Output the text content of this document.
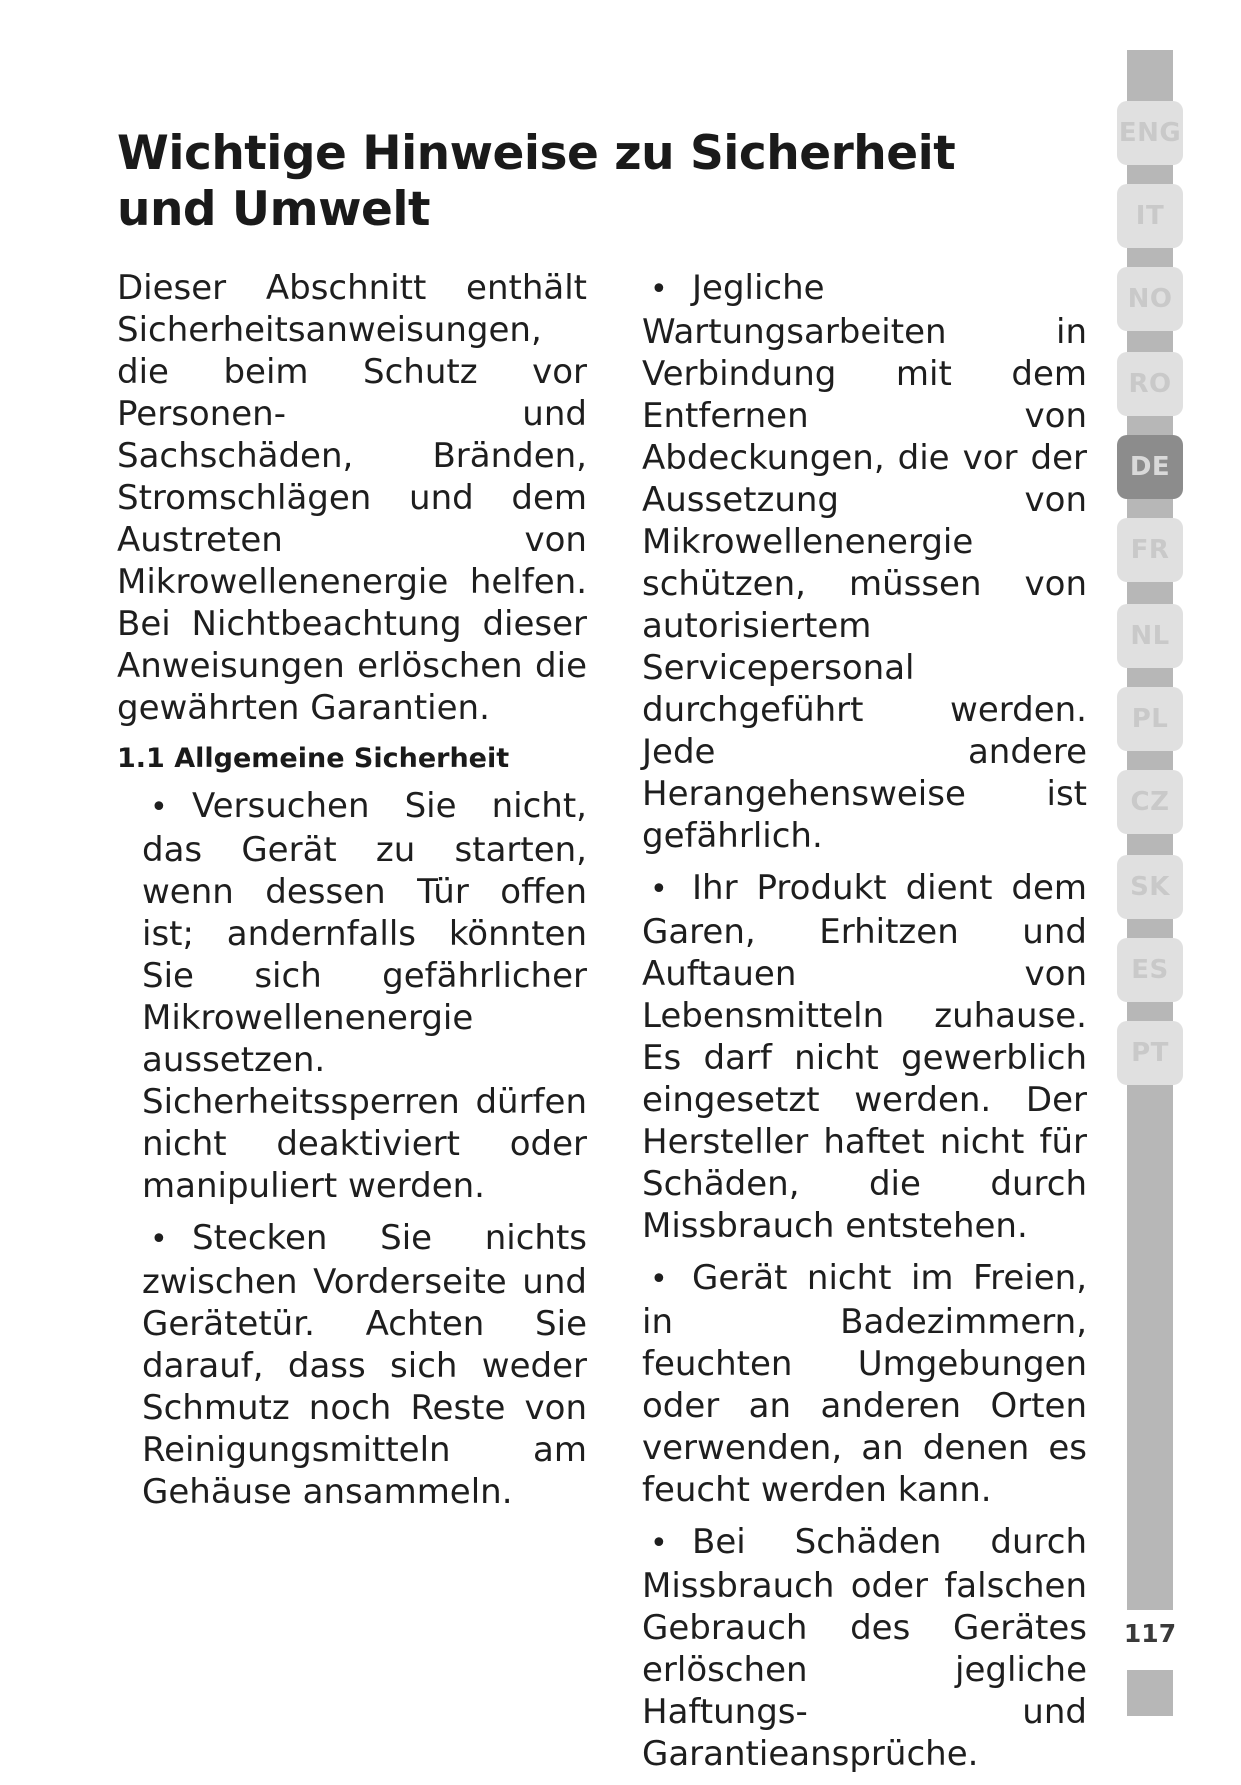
Wichtige Hinweise zu Sicherheit und Umwelt

Dieser Abschnitt enthält Sicherheitsanweisungen, die beim Schutz vor Personen- und Sachschäden, Bränden, Stromschlägen und dem Austreten von Mikrowellenenergie helfen. Bei Nichtbeachtung dieser Anweisungen erlöschen die gewährten Garantien.

1.1 Allgemeine Sicherheit
• Versuchen Sie nicht, das Gerät zu starten, wenn dessen Tür offen ist; andernfalls könnten Sie sich gefährlicher Mikrowellenenergie aussetzen. Sicherheitssperren dürfen nicht deaktiviert oder manipuliert werden.
• Stecken Sie nichts zwischen Vorderseite und Gerätetür. Achten Sie darauf, dass sich weder Schmutz noch Reste von Reinigungsmitteln am Gehäuse ansammeln.
• Jegliche Wartungsarbeiten in Verbindung mit dem Entfernen von Abdeckungen, die vor der Aussetzung von Mikrowellenenergie schützen, müssen von autorisiertem Servicepersonal durchgeführt werden. Jede andere Herangehensweise ist gefährlich.
• Ihr Produkt dient dem Garen, Erhitzen und Auftauen von Lebensmitteln zuhause. Es darf nicht gewerblich eingesetzt werden. Der Hersteller haftet nicht für Schäden, die durch Missbrauch entstehen.
• Gerät nicht im Freien, in Badezimmern, feuchten Umgebungen oder an anderen Orten verwenden, an denen es feucht werden kann.
• Bei Schäden durch Missbrauch oder falschen Gebrauch des Gerätes erlöschen jegliche Haftungs- und Garantieansprüche.
ENG
IT
NO
RO
DE
FR
NL
PL
CZ
SK
ES
PT
117
